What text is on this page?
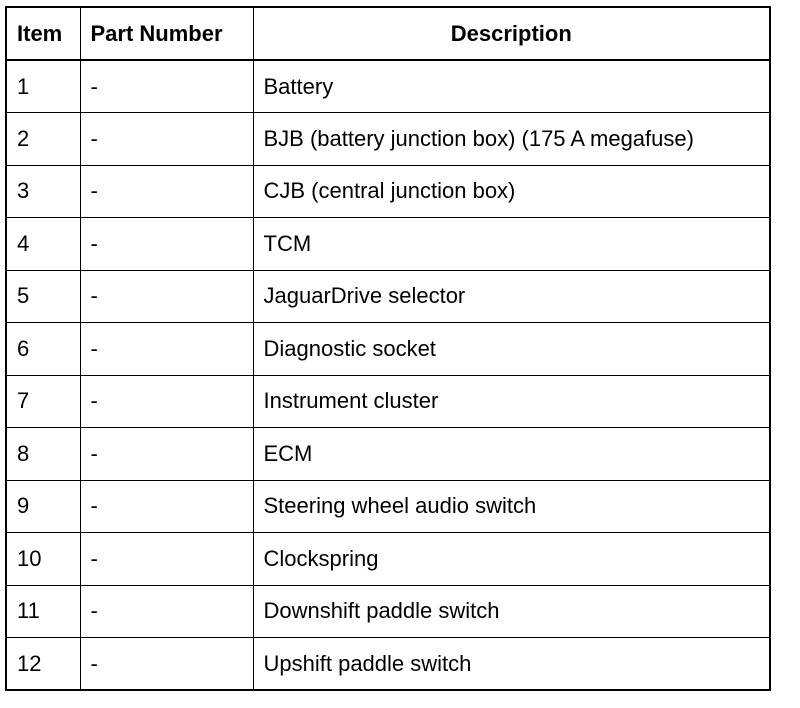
Item	Part Number	Description
1	-	Battery
2	-	BJB (battery junction box) (175 A megafuse)
3	-	CJB (central junction box)
4	-	TCM
5	-	JaguarDrive selector
6	-	Diagnostic socket
7	-	Instrument cluster
8	-	ECM
9	-	Steering wheel audio switch
10	-	Clockspring
11	-	Downshift paddle switch
12	-	Upshift paddle switch
